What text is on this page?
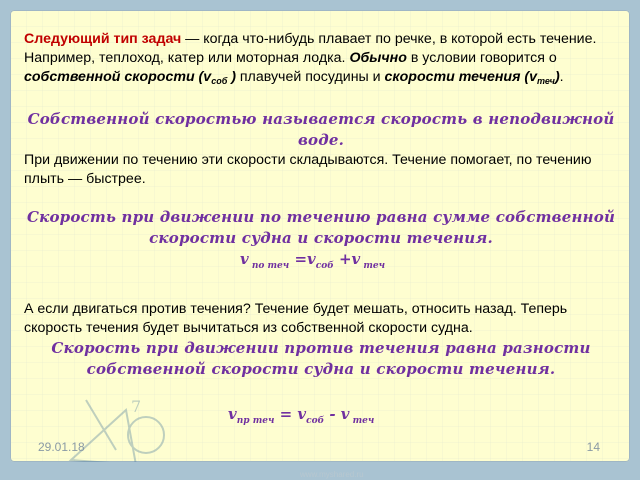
7

Следующий тип задач — когда что-нибудь плавает по речке, в которой есть течение. Например, теплоход, катер или моторная лодка. Обычно в условии говорится о собственной скорости ($v_{соб}$ ) плавучей посудины и скорости течения $(v_{теч})$.

Собственной скоростью называется скорость в неподвижной воде.

При движении по течению эти скорости складываются. Течение помогает, по течению плыть — быстрее.

Скорость при движении по течению равна сумме собственной скорости судна и скорости течения.
v $_{по теч} =v_{соб} +v$ $_{теч}$

А если двигаться против течения? Течение будет мешать, относить назад. Теперь скорость течения будет вычитаться из собственной скорости судна.

Скорость при движении против течения равна разности собственной скорости судна и скорости течения.
$v_{пр теч} = v_{соб} - v$ $_{теч}$
29.01.18	14
www.myshared.ru
